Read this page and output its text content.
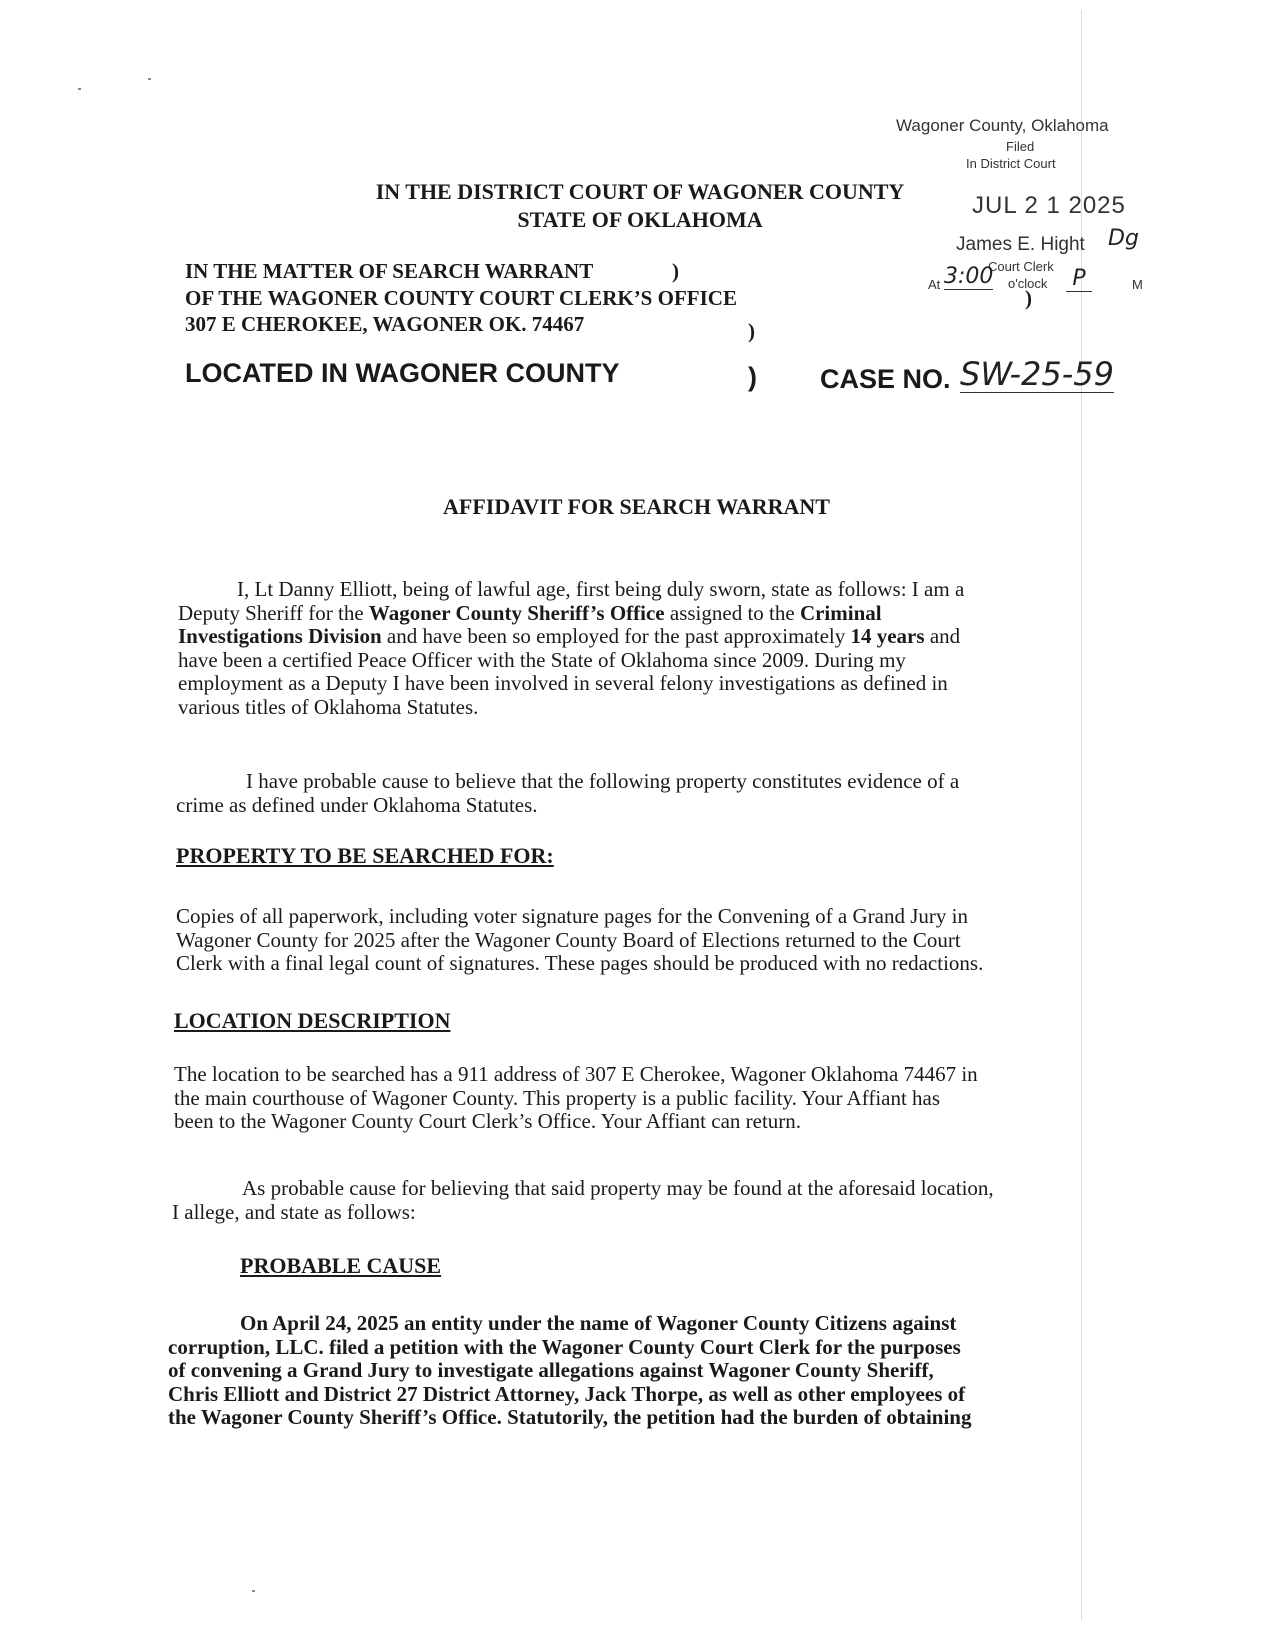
Wagoner County, Oklahoma
Filed
In District Court
JUL 2 1 2025
James E. Hight Dg
Court Clerk
At 3:00 o'clock P	M
IN THE DISTRICT COURT OF WAGONER COUNTY
STATE OF OKLAHOMA
IN THE MATTER OF SEARCH WARRANT	)
OF THE WAGONER COUNTY COURT CLERK’S OFFICE	)
307 E CHEROKEE, WAGONER OK. 74467	)
LOCATED IN WAGONER COUNTY	) CASE NO. SW-25-59
AFFIDAVIT FOR SEARCH WARRANT
I, Lt Danny Elliott, being of lawful age, first being duly sworn, state as follows: I am a
Deputy Sheriff for the Wagoner County Sheriff’s Office assigned to the Criminal
Investigations Division and have been so employed for the past approximately 14 years and
have been a certified Peace Officer with the State of Oklahoma since 2009. During my
employment as a Deputy I have been involved in several felony investigations as defined in
various titles of Oklahoma Statutes.
I have probable cause to believe that the following property constitutes evidence of a
crime as defined under Oklahoma Statutes.
PROPERTY TO BE SEARCHED FOR:
Copies of all paperwork, including voter signature pages for the Convening of a Grand Jury in
Wagoner County for 2025 after the Wagoner County Board of Elections returned to the Court
Clerk with a final legal count of signatures. These pages should be produced with no redactions.
LOCATION DESCRIPTION
The location to be searched has a 911 address of 307 E Cherokee, Wagoner Oklahoma 74467 in
the main courthouse of Wagoner County. This property is a public facility. Your Affiant has
been to the Wagoner County Court Clerk’s Office. Your Affiant can return.
As probable cause for believing that said property may be found at the aforesaid location,
I allege, and state as follows:
PROBABLE CAUSE
On April 24, 2025 an entity under the name of Wagoner County Citizens against
corruption, LLC. filed a petition with the Wagoner County Court Clerk for the purposes
of convening a Grand Jury to investigate allegations against Wagoner County Sheriff,
Chris Elliott and District 27 District Attorney, Jack Thorpe, as well as other employees of
the Wagoner County Sheriff’s Office. Statutorily, the petition had the burden of obtaining
